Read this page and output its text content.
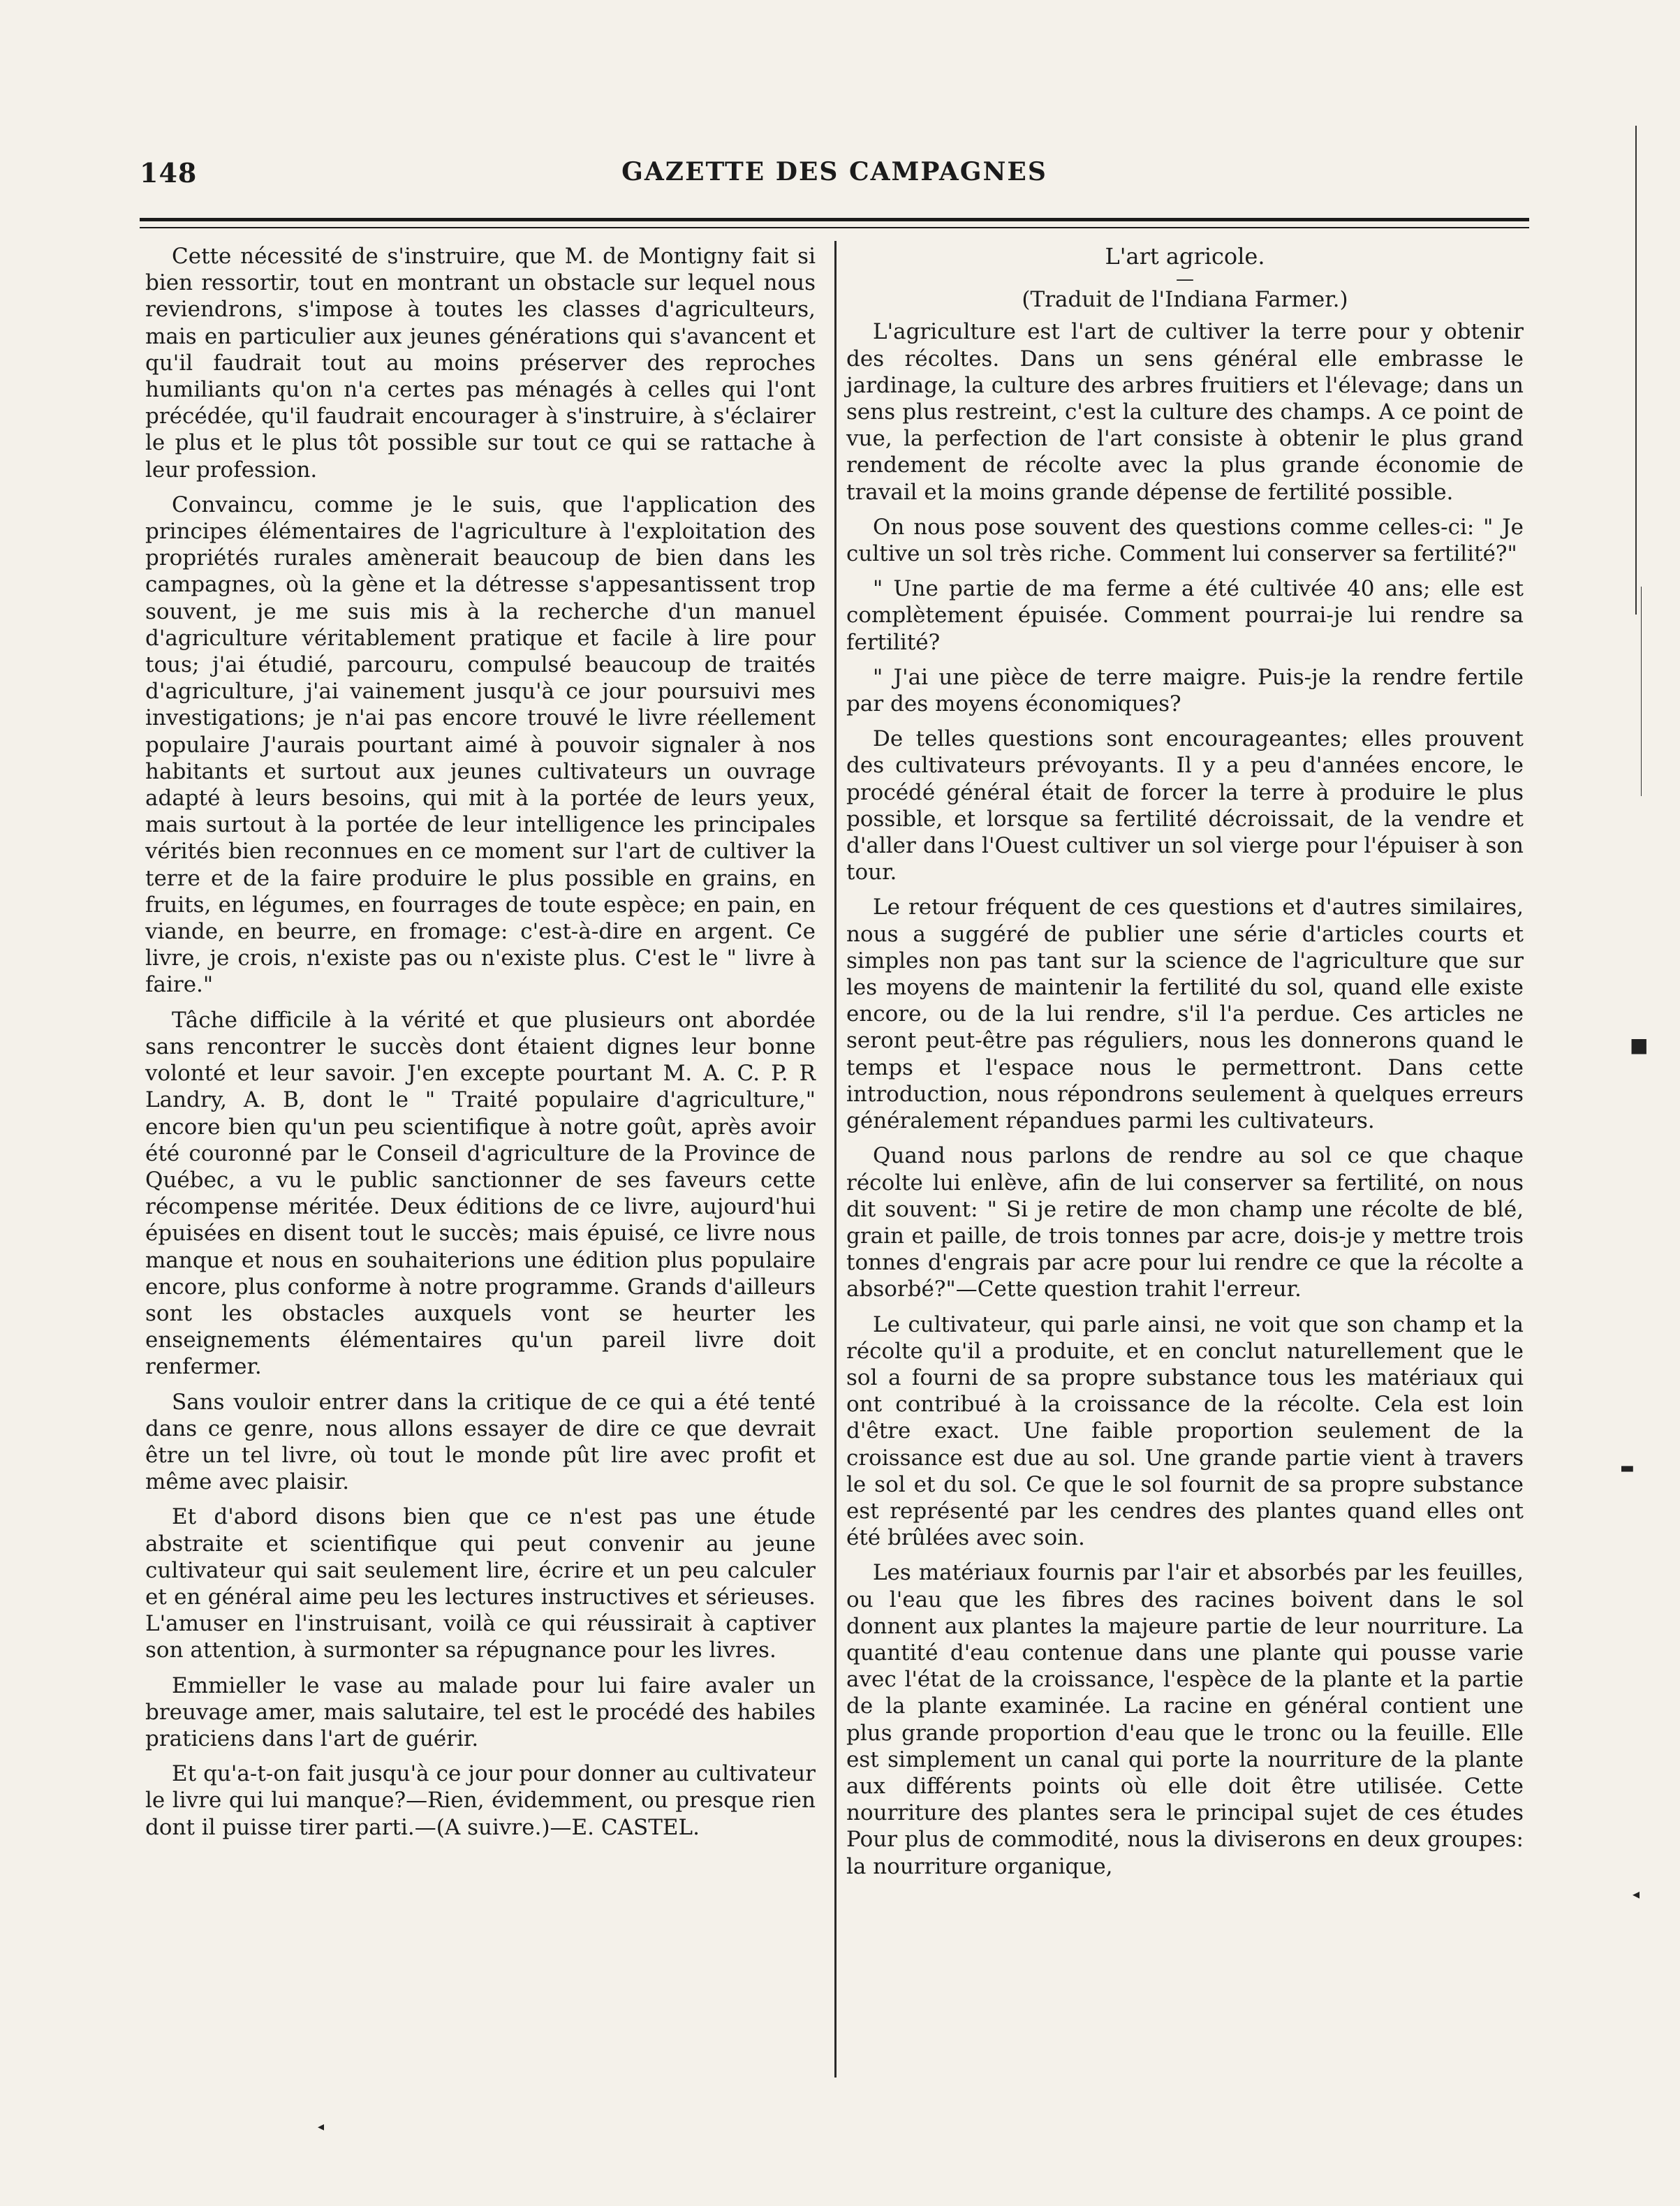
148	GAZETTE DES CAMPAGNES

Cette nécessité de s'instruire, que M. de Montigny fait si bien ressortir, tout en montrant un obstacle sur lequel nous reviendrons, s'impose à toutes les classes d'agriculteurs, mais en particulier aux jeunes générations qui s'avancent et qu'il faudrait tout au moins préserver des reproches humiliants qu'on n'a certes pas ménagés à celles qui l'ont précédée, qu'il faudrait encourager à s'instruire, à s'éclairer le plus et le plus tôt possible sur tout ce qui se rattache à leur profession.

Convaincu, comme je le suis, que l'application des principes élémentaires de l'agriculture à l'exploitation des propriétés rurales amènerait beaucoup de bien dans les campagnes, où la gène et la détresse s'appesantissent trop souvent, je me suis mis à la recherche d'un manuel d'agriculture véritablement pratique et facile à lire pour tous; j'ai étudié, parcouru, compulsé beaucoup de traités d'agriculture, j'ai vainement jusqu'à ce jour poursuivi mes investigations; je n'ai pas encore trouvé le livre réellement populaire J'aurais pourtant aimé à pouvoir signaler à nos habitants et surtout aux jeunes cultivateurs un ouvrage adapté à leurs besoins, qui mit à la portée de leurs yeux, mais surtout à la portée de leur intelligence les principales vérités bien reconnues en ce moment sur l'art de cultiver la terre et de la faire produire le plus possible en grains, en fruits, en légumes, en fourrages de toute espèce; en pain, en viande, en beurre, en fromage: c'est-à-dire en argent. Ce livre, je crois, n'existe pas ou n'existe plus. C'est le " livre à faire."

Tâche difficile à la vérité et que plusieurs ont abordée sans rencontrer le succès dont étaient dignes leur bonne volonté et leur savoir. J'en excepte pourtant M. A. C. P. R Landry, A. B, dont le " Traité populaire d'agriculture," encore bien qu'un peu scientifique à notre goût, après avoir été couronné par le Conseil d'agriculture de la Province de Québec, a vu le public sanctionner de ses faveurs cette récompense méritée. Deux éditions de ce livre, aujourd'hui épuisées en disent tout le succès; mais épuisé, ce livre nous manque et nous en souhaiterions une édition plus populaire encore, plus conforme à notre programme. Grands d'ailleurs sont les obstacles auxquels vont se heurter les enseignements élémentaires qu'un pareil livre doit renfermer.

Sans vouloir entrer dans la critique de ce qui a été tenté dans ce genre, nous allons essayer de dire ce que devrait être un tel livre, où tout le monde pût lire avec profit et même avec plaisir.

Et d'abord disons bien que ce n'est pas une étude abstraite et scientifique qui peut convenir au jeune cultivateur qui sait seulement lire, écrire et un peu calculer et en général aime peu les lectures instructives et sérieuses. L'amuser en l'instruisant, voilà ce qui réussirait à captiver son attention, à surmonter sa répugnance pour les livres.

Emmieller le vase au malade pour lui faire avaler un breuvage amer, mais salutaire, tel est le procédé des habiles praticiens dans l'art de guérir.

Et qu'a-t-on fait jusqu'à ce jour pour donner au cultivateur le livre qui lui manque?—Rien, évidemment, ou presque rien dont il puisse tirer parti.—(A suivre.)—E. CASTEL.

L'art agricole.
—
(Traduit de l'Indiana Farmer.)

L'agriculture est l'art de cultiver la terre pour y obtenir des récoltes. Dans un sens général elle embrasse le jardinage, la culture des arbres fruitiers et l'élevage; dans un sens plus restreint, c'est la culture des champs. A ce point de vue, la perfection de l'art consiste à obtenir le plus grand rendement de récolte avec la plus grande économie de travail et la moins grande dépense de fertilité possible.

On nous pose souvent des questions comme celles-ci: " Je cultive un sol très riche. Comment lui conserver sa fertilité?"

" Une partie de ma ferme a été cultivée 40 ans; elle est complètement épuisée. Comment pourrai-je lui rendre sa fertilité?

" J'ai une pièce de terre maigre. Puis-je la rendre fertile par des moyens économiques?

De telles questions sont encourageantes; elles prouvent des cultivateurs prévoyants. Il y a peu d'années encore, le procédé général était de forcer la terre à produire le plus possible, et lorsque sa fertilité décroissait, de la vendre et d'aller dans l'Ouest cultiver un sol vierge pour l'épuiser à son tour.

Le retour fréquent de ces questions et d'autres similaires, nous a suggéré de publier une série d'articles courts et simples non pas tant sur la science de l'agriculture que sur les moyens de maintenir la fertilité du sol, quand elle existe encore, ou de la lui rendre, s'il l'a perdue. Ces articles ne seront peut-être pas réguliers, nous les donnerons quand le temps et l'espace nous le permettront. Dans cette introduction, nous répondrons seulement à quelques erreurs généralement répandues parmi les cultivateurs.

Quand nous parlons de rendre au sol ce que chaque récolte lui enlève, afin de lui conserver sa fertilité, on nous dit souvent: " Si je retire de mon champ une récolte de blé, grain et paille, de trois tonnes par acre, dois-je y mettre trois tonnes d'engrais par acre pour lui rendre ce que la récolte a absorbé?"—Cette question trahit l'erreur.

Le cultivateur, qui parle ainsi, ne voit que son champ et la récolte qu'il a produite, et en conclut naturellement que le sol a fourni de sa propre substance tous les matériaux qui ont contribué à la croissance de la récolte. Cela est loin d'être exact. Une faible proportion seulement de la croissance est due au sol. Une grande partie vient à travers le sol et du sol. Ce que le sol fournit de sa propre substance est représenté par les cendres des plantes quand elles ont été brûlées avec soin.

Les matériaux fournis par l'air et absorbés par les feuilles, ou l'eau que les fibres des racines boivent dans le sol donnent aux plantes la majeure partie de leur nourriture. La quantité d'eau contenue dans une plante qui pousse varie avec l'état de la croissance, l'espèce de la plante et la partie de la plante examinée. La racine en général contient une plus grande proportion d'eau que le tronc ou la feuille. Elle est simplement un canal qui porte la nourriture de la plante aux différents points où elle doit être utilisée. Cette nourriture des plantes sera le principal sujet de ces études Pour plus de commodité, nous la diviserons en deux groupes: la nourriture organique,

■
▬
◂
◂
